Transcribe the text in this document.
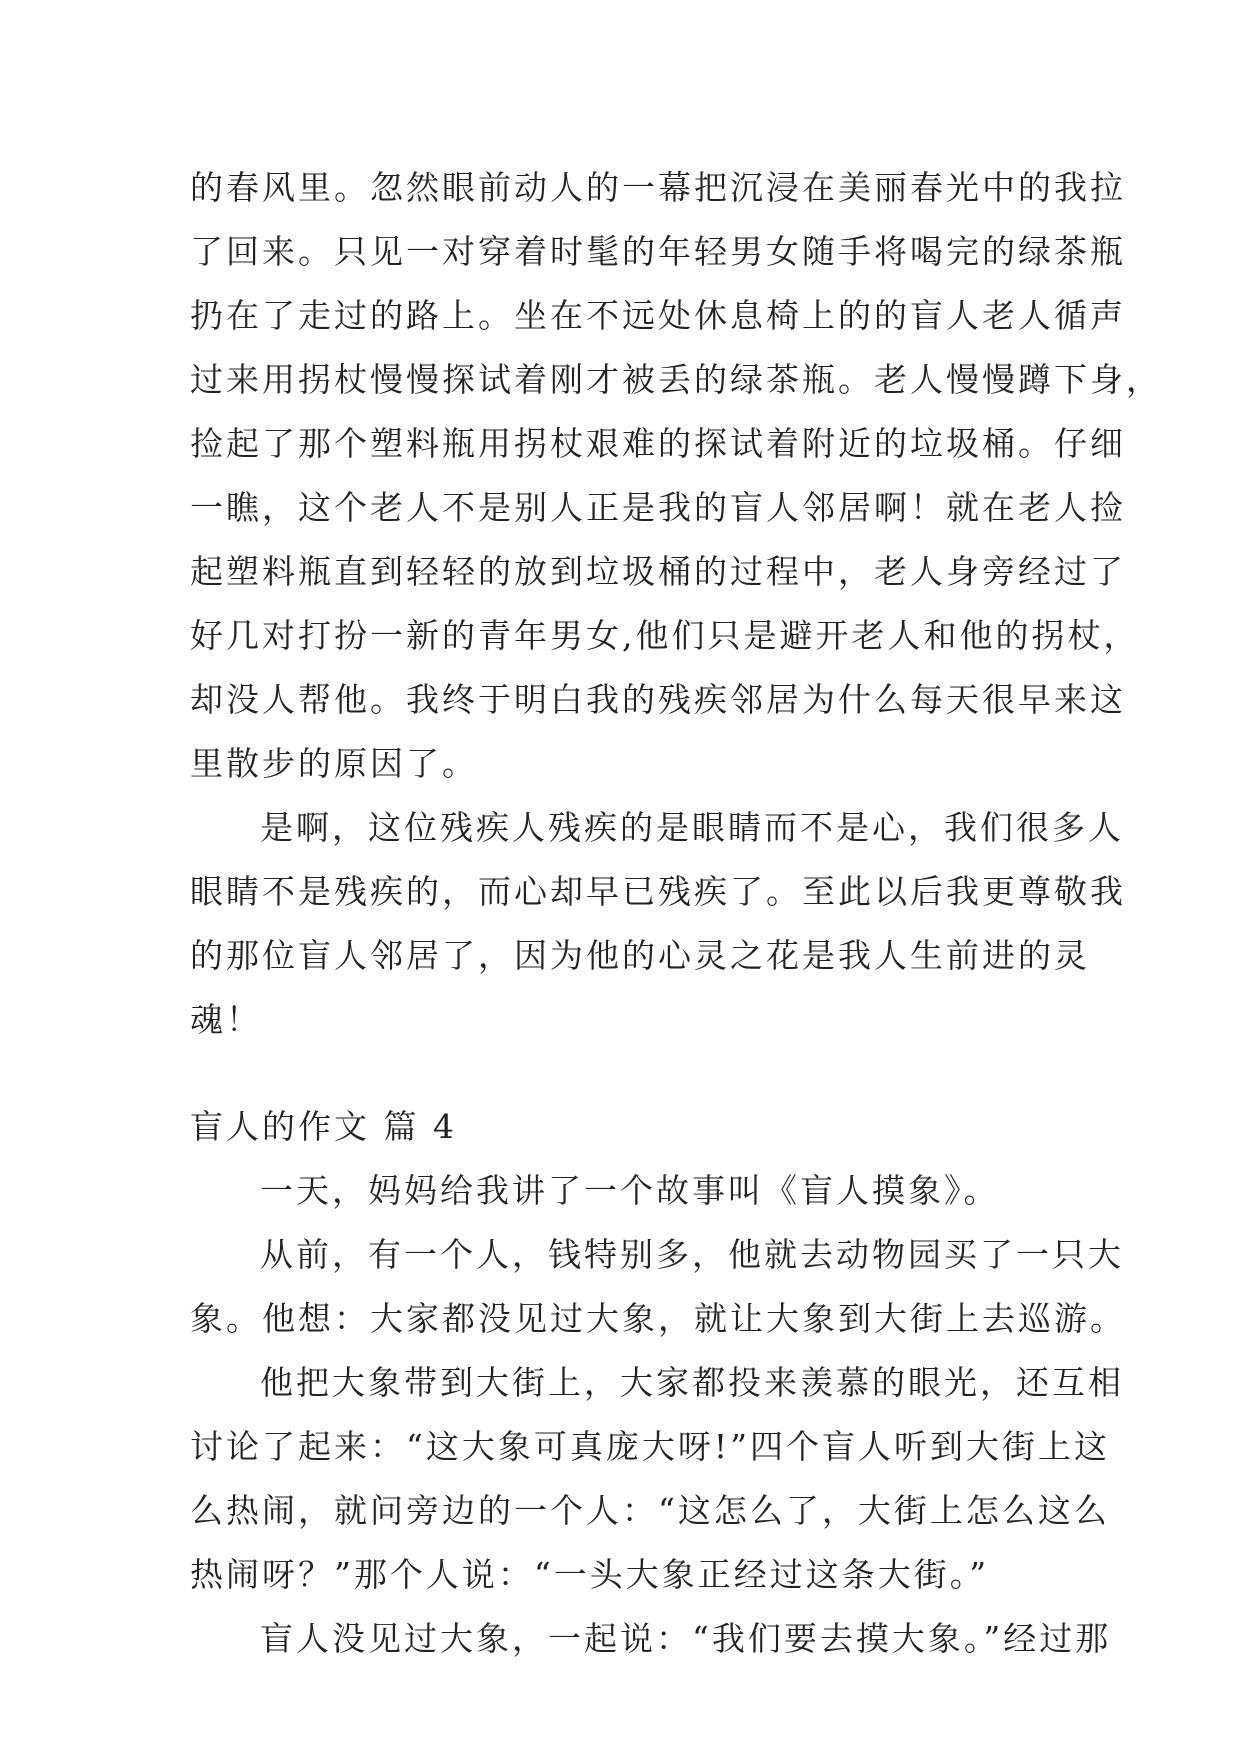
的春风里。忽然眼前动人的一幕把沉浸在美丽春光中的我拉
了回来。只见一对穿着时髦的年轻男女随手将喝完的绿茶瓶
扔在了走过的路上。坐在不远处休息椅上的的盲人老人循声
过来用拐杖慢慢探试着刚才被丢的绿茶瓶。老人慢慢蹲下身，
捡起了那个塑料瓶用拐杖艰难的探试着附近的垃圾桶。仔细
一瞧，这个老人不是别人正是我的盲人邻居啊！就在老人捡
起塑料瓶直到轻轻的放到垃圾桶的过程中，老人身旁经过了
好几对打扮一新的青年男女,他们只是避开老人和他的拐杖，
却没人帮他。我终于明白我的残疾邻居为什么每天很早来这
里散步的原因了。
是啊，这位残疾人残疾的是眼睛而不是心，我们很多人
眼睛不是残疾的，而心却早已残疾了。至此以后我更尊敬我
的那位盲人邻居了，因为他的心灵之花是我人生前进的灵
魂！
盲人的作文 篇 4
一天，妈妈给我讲了一个故事叫《盲人摸象》。
从前，有一个人，钱特别多，他就去动物园买了一只大
象。他想：大家都没见过大象，就让大象到大街上去巡游。
他把大象带到大街上，大家都投来羡慕的眼光，还互相
讨论了起来：“这大象可真庞大呀!”四个盲人听到大街上这
么热闹，就问旁边的一个人：“这怎么了，大街上怎么这么
热闹呀？”那个人说：“一头大象正经过这条大街。”
盲人没见过大象，一起说：“我们要去摸大象。”经过那
